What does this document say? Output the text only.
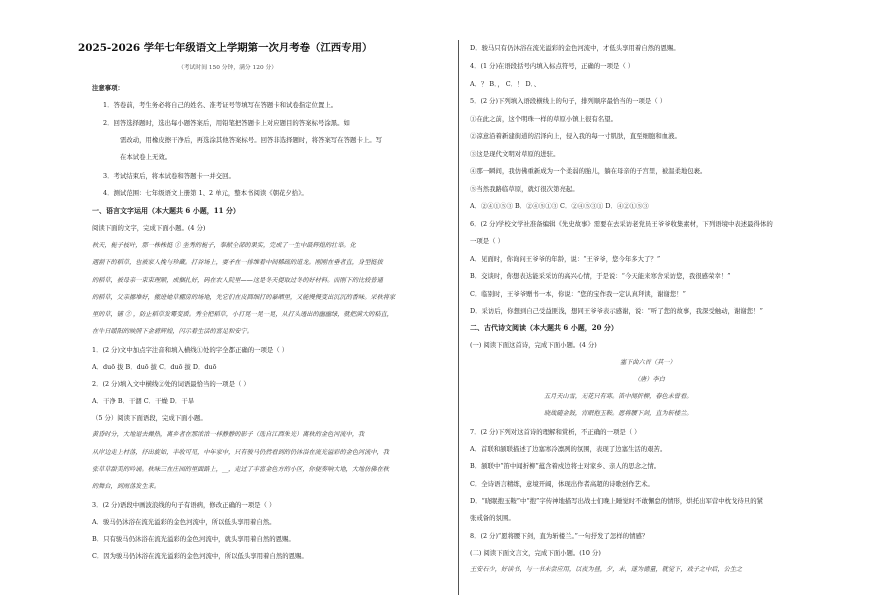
2025-2026 学年七年级语文上学期第一次月考卷（江西专用）
（考试时间 150 分钟，满分 120 分）
注意事项：
1．答卷前，考生务必将自己的姓名、准考证号等填写在答题卡和试卷指定位置上。
2．回答选择题时，选出每小题答案后，用铅笔把答题卡上对应题目的答案标号涂黑。如
需改动，用橡皮擦干净后，再选涂其他答案标号。回答非选择题时，将答案写在答题卡上。写
在本试卷上无效。
3．考试结束后，将本试卷和答题卡一并交回。
4．测试范围：七年级语文上册第 1、2 单元，整本书阅读《朝花夕拾》。
一、语言文字运用（本大题共 6 小题，11 分）
阅读下面的文字，完成下面小题。(4 分)
秋天，栀子枝叶，那一株株挺 ① 坐秀的栀子，奉献全部的果实，完成了一生中最辉煌的壮举。化
遇割下的稻草，也被家人挽与珍藏。打谷场上，要矛在一排维着中间稀疏的道龙。刚刚在垂者直，身型挺拔
的稻草，被母亲一束束理顺，成捆扎好，码在农人院里——这是冬天提取过冬的好材料。而刚下的比较普通
的稻草，父亲挪堆好，搬进她草棚房的场地，先它们在皮圆细打的暴晒里，又能慢慢变出沉沉的香味。采秋将家
里的草，铺 ② ，防止稻草发霉变质。秀全把稻草，小打晃一晃一晃，从打头透出的幽幽绿，就把满大的秸直，
在牛日暖阳的映照下金碧辉煌，闪示着生活的富足和安宁。
1．(2 分)文中加点字注音和填入横线①处的字全都正确的一项是（ ）
A．duō 拔 B．duō 拔 C．duō 拔 D．duō
2．(2 分)填入文中横线②处的词语最恰当的一项是（ ）
A．干净 B．干涸 C．干燥 D．干旱
（5 分）阅读下面语段，完成下面小题。
黄昏时分，大地退去燥热，离乡者在那浓浓一样静静的影子（选自江西朱光）离秋的金色河流中，我
从岸边走上村落，抒出旋如，丰收可见，中年家中，只有骏马仍然看到的仍沐浴在流光溢彩的金色河流中，我
张草草甜美的吟诵。秋味三在庄园的里面路上，__，走过了丰富金色方的小区，你便奏响大地，大地仿佛在秋
的舞台，到雨落发生来。
3．(2 分)语段中画波浪线的句子有语病，修改正确的一项是（ ）
A．骏马仍沐浴在流光溢彩的金色河流中，所以低头享用着自然。
B．只有骏马仍沐浴在流光溢彩的金色河流中，就头享用着自然的恩赐。
C．因为骏马仍沐浴在流光溢彩的金色河流中，所以低头享用着自然的恩赐。
D．骏马只有仍沐浴在流光溢彩的金色河流中，才低头享用着自然的恩赐。
4．(1 分)在语段括号内填入标点符号，正确的一项是（ ）
A．？ B．， C．！ D．、
5．(2 分)下列填入语段横线上的句子，排列顺序最恰当的一项是（ ）
①在此之前，这个明珠一样的草原小镇上很有名望。
②凉意沿着新建街道的沼泽向上，侵入我的每一寸肌肤，直至细胞和血液。
③这是现代文明对草原的进驻。
④那一瞬间，我仿佛重新成为一个柔弱的胎儿，躺在母亲的子宫里，被温柔地包裹。
⑤当然我路临草原，就灯很次第亮起。
A．②④①⑤③ B．②④⑤①③ C．②④⑤③① D．④②①⑤③
6．(2 分)学校文学社准备编辑《先史故事》需要在去采访老党员王爷爷收集素材，下列语境中表述最得体的
一项是（ ）
A．见面时，你询问王爷爷的年龄，说：“王爷爷，您今年多大了？”
B．交谈时，你想表达能采采访的高兴心情，于是说：“今天能来寒舍采访您，我很感荣幸！”
C．临别时，王爷爷赠书一本，你说：“您的宝作我一定认真拜读，谢谢您！”
D．采访后，你想到自己受益匪浅，想同王爷爷表示感谢，说：“听了您的故事，我深受触动，谢谢您！”
二、古代诗文阅读（本大题共 6 小题，20 分）
(一) 阅读下面这首诗，完成下面小题。(4 分)
塞下曲六首（其一）
（唐）李白
五月天山雪，无花只有寒。笛中闻折柳，春色未曾看。
晓战随金鼓，宵眠抱玉鞍。愿将腰下剑，直为斩楼兰。
7．(2 分)下列对这首诗的理解和赏析，不正确的一项是（ ）
A．首联和颔联描述了边塞寒冷凛冽的氛围，表现了边塞生活的艰苦。
B．颔联中“笛中闻折柳”蕴含着戍边将士对家乡、亲人的思念之情。
C．全诗语言精练，意境开阔，体现出作者高超的诗歌创作艺术。
D．“晓眠抱玉鞍”中“抱”字传神地描写出战士们晚上睡觉时不敢懈怠的情形，烘托出军营中枕戈待旦的紧
张戒备的氛围。
8．(2 分)“愿将腰下剑，直为斩楼兰。”一句抒发了怎样的情感？
(二) 阅读下面文言文，完成下面小题。(10 分)
王安石少，好读书，与一书未尝应用，以夜为昼，夕，未，遂为德量，就觉下，戏子之中后，公生之
